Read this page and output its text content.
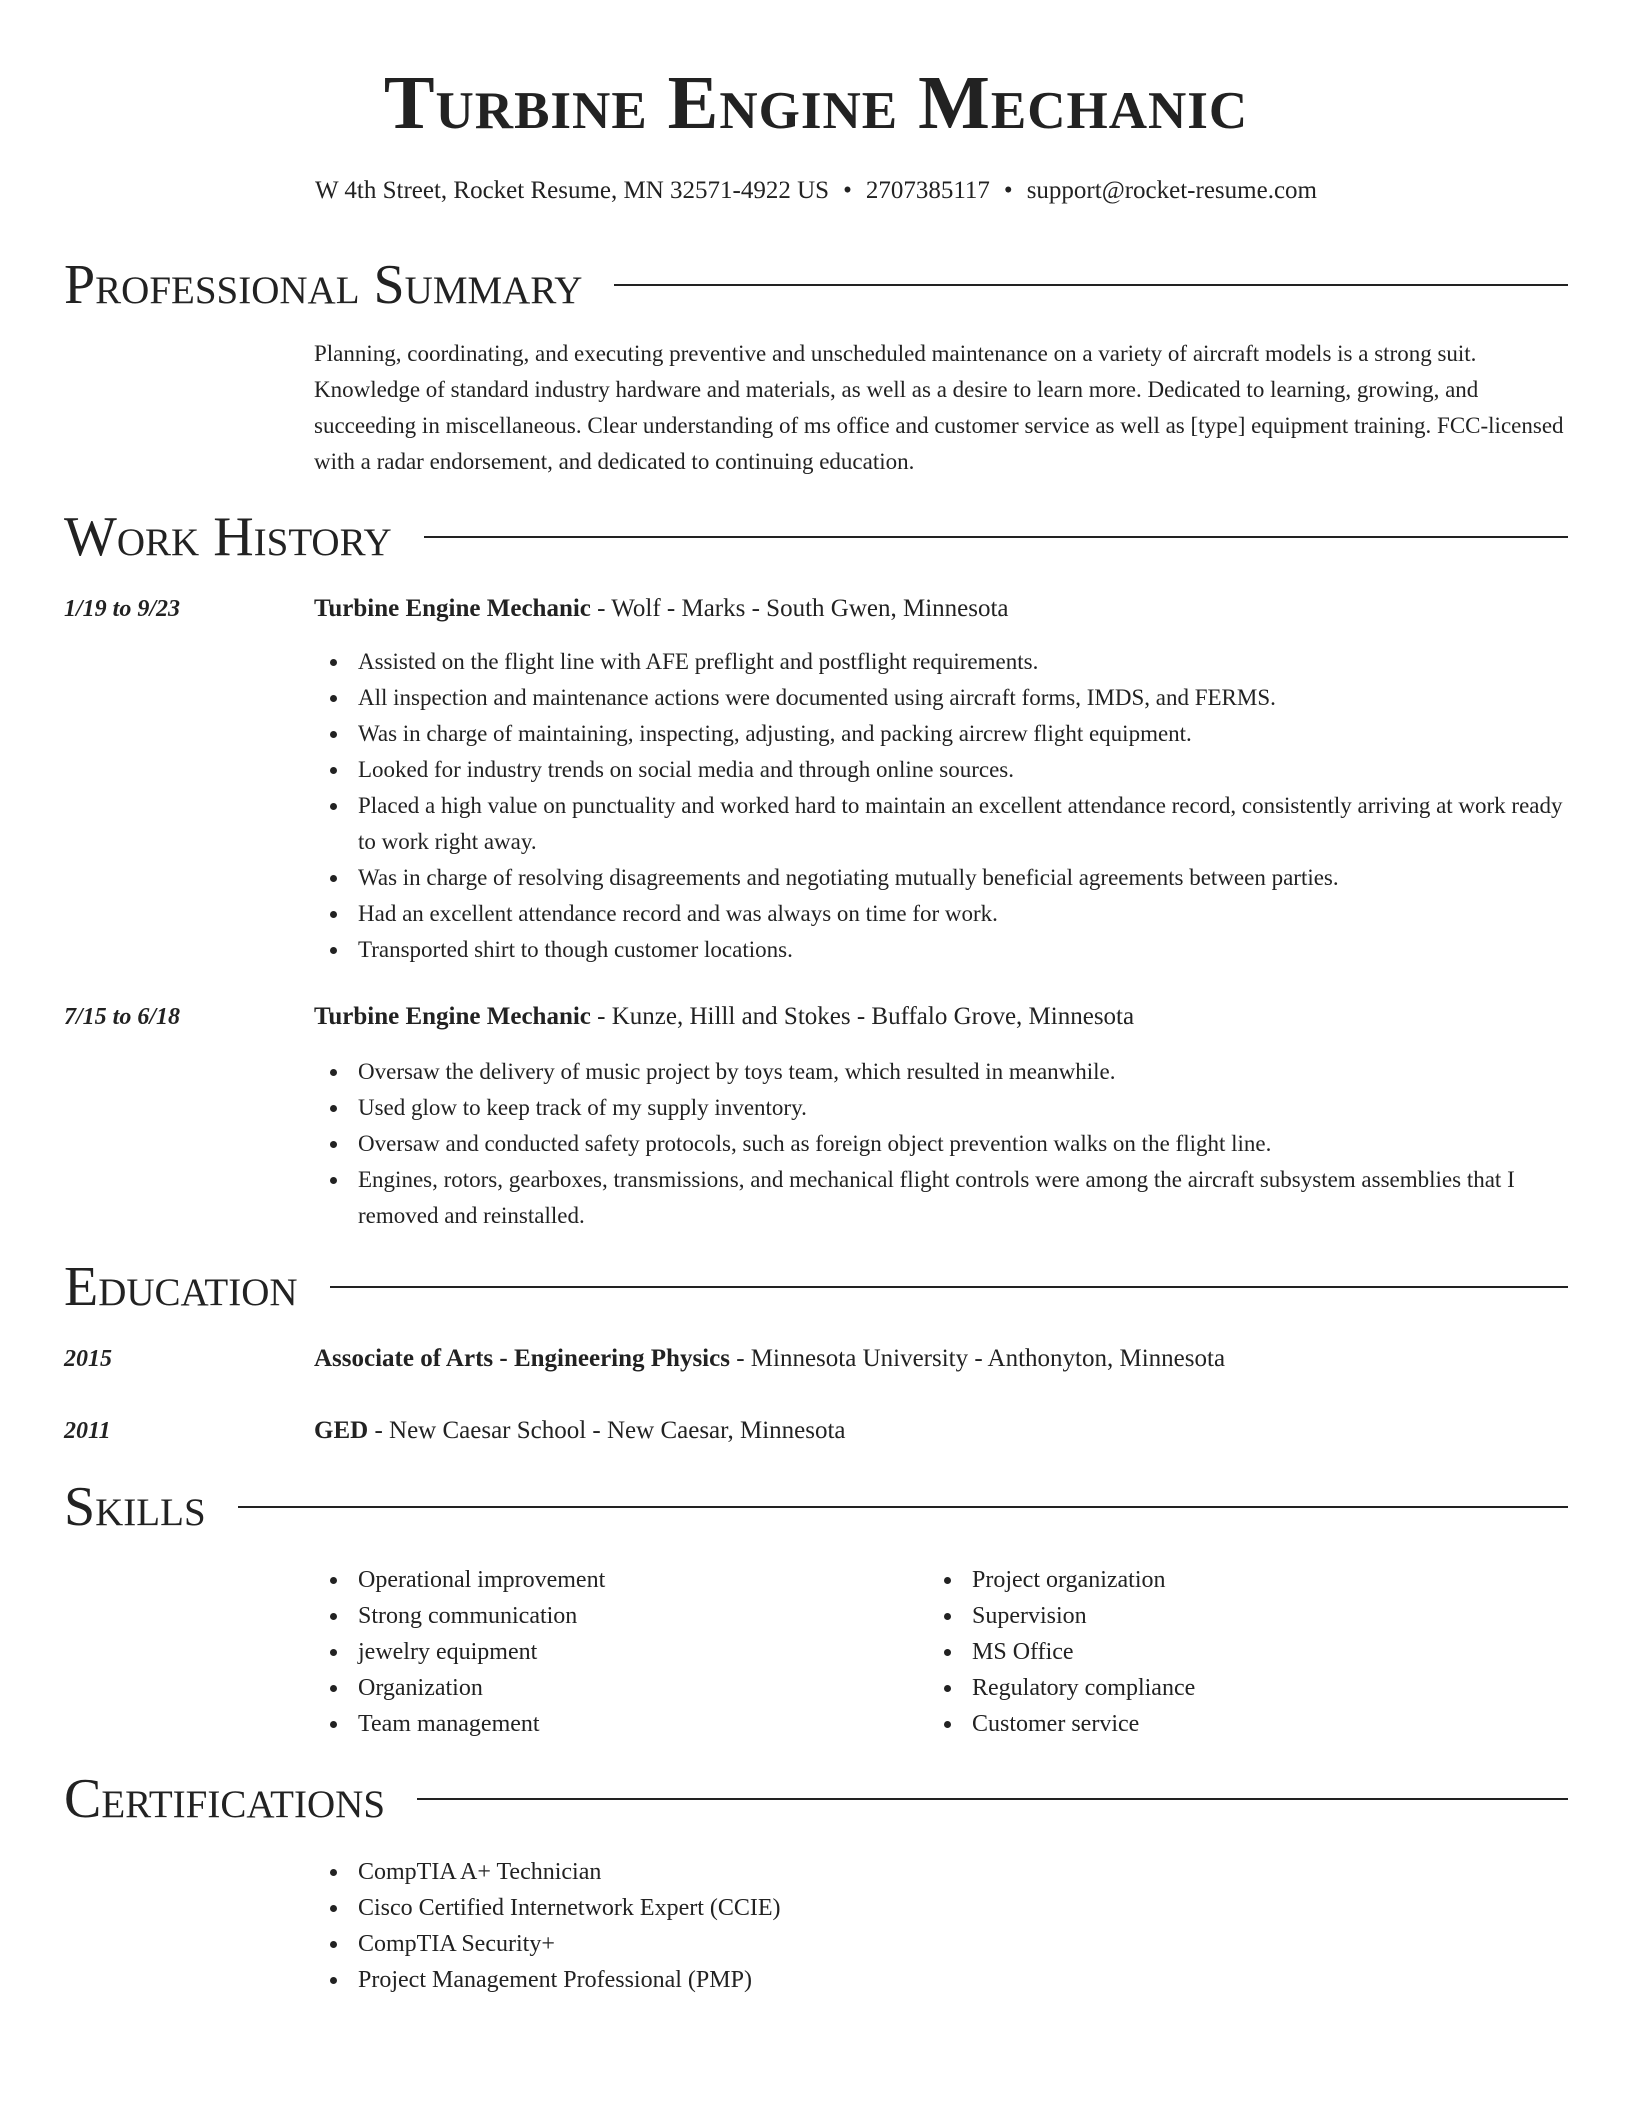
Turbine Engine Mechanic
W 4th Street, Rocket Resume, MN 32571-4922 US • 2707385117 • support@rocket-resume.com
Professional Summary

Planning, coordinating, and executing preventive and unscheduled maintenance on a variety of aircraft models is a strong suit. Knowledge of standard industry hardware and materials, as well as a desire to learn more. Dedicated to learning, growing, and succeeding in miscellaneous. Clear understanding of ms office and customer service as well as [type] equipment training. FCC-licensed with a radar endorsement, and dedicated to continuing education.

Work History
1/19 to 9/23	Turbine Engine Mechanic - Wolf - Marks - South Gwen, Minnesota
Assisted on the flight line with AFE preflight and postflight requirements.
All inspection and maintenance actions were documented using aircraft forms, IMDS, and FERMS.
Was in charge of maintaining, inspecting, adjusting, and packing aircrew flight equipment.
Looked for industry trends on social media and through online sources.
Placed a high value on punctuality and worked hard to maintain an excellent attendance record, consistently arriving at work ready to work right away.
Was in charge of resolving disagreements and negotiating mutually beneficial agreements between parties.
Had an excellent attendance record and was always on time for work.
Transported shirt to though customer locations.
7/15 to 6/18	Turbine Engine Mechanic - Kunze, Hilll and Stokes - Buffalo Grove, Minnesota
Oversaw the delivery of music project by toys team, which resulted in meanwhile.
Used glow to keep track of my supply inventory.
Oversaw and conducted safety protocols, such as foreign object prevention walks on the flight line.
Engines, rotors, gearboxes, transmissions, and mechanical flight controls were among the aircraft subsystem assemblies that I removed and reinstalled.
Education
2015	Associate of Arts - Engineering Physics - Minnesota University - Anthonyton, Minnesota
2011	GED - New Caesar School - New Caesar, Minnesota
Skills
Operational improvement
Strong communication
jewelry equipment
Organization
Team management
Project organization
Supervision
MS Office
Regulatory compliance
Customer service
Certifications
CompTIA A+ Technician
Cisco Certified Internetwork Expert (CCIE)
CompTIA Security+
Project Management Professional (PMP)
